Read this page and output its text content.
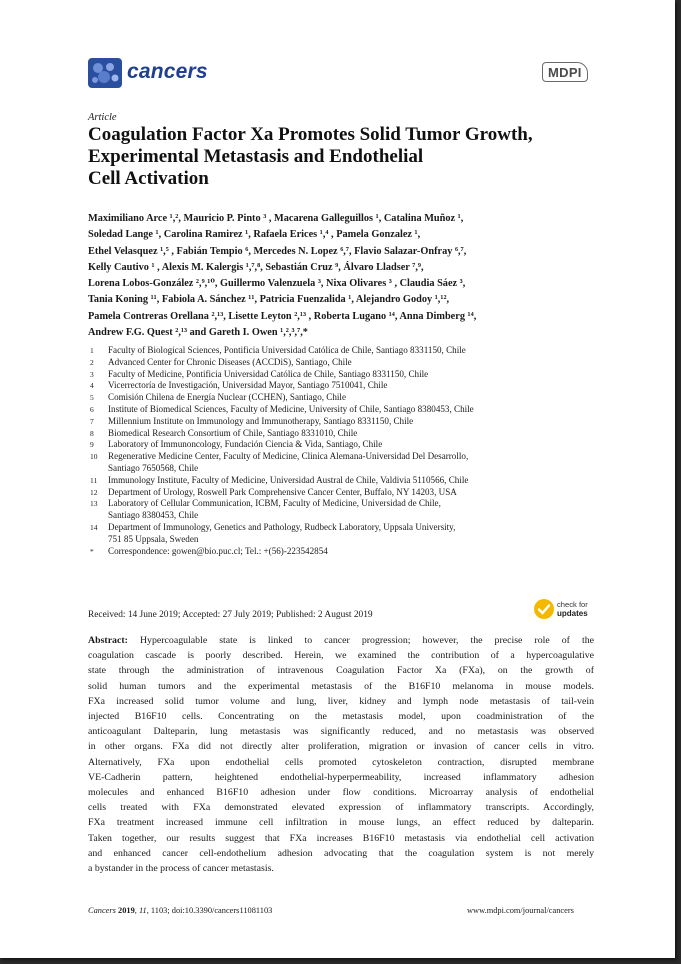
cancers	MDPI
Article
Coagulation Factor Xa Promotes Solid Tumor Growth,
Experimental Metastasis and Endothelial
Cell Activation
Maximiliano Arce ¹,², Mauricio P. Pinto ³ , Macarena Galleguillos ¹, Catalina Muñoz ¹,
Soledad Lange ¹, Carolina Ramirez ¹, Rafaela Erices ¹,⁴ , Pamela Gonzalez ¹,
Ethel Velasquez ¹,⁵ , Fabián Tempio ⁶, Mercedes N. Lopez ⁶,⁷, Flavio Salazar-Onfray ⁶,⁷,
Kelly Cautivo ¹ , Alexis M. Kalergis ¹,⁷,⁸, Sebastián Cruz ⁹, Álvaro Lladser ⁷,⁹,
Lorena Lobos-González ²,⁹,¹⁰, Guillermo Valenzuela ³, Nixa Olivares ³ , Claudia Sáez ³,
Tania Koning ¹¹, Fabiola A. Sánchez ¹¹, Patricia Fuenzalida ¹, Alejandro Godoy ¹,¹²,
Pamela Contreras Orellana ²,¹³, Lisette Leyton ²,¹³ , Roberta Lugano ¹⁴, Anna Dimberg ¹⁴,
Andrew F.G. Quest ²,¹³ and Gareth I. Owen ¹,²,³,⁷,*
1	Faculty of Biological Sciences, Pontificia Universidad Católica de Chile, Santiago 8331150, Chile
2	Advanced Center for Chronic Diseases (ACCDiS), Santiago, Chile
3	Faculty of Medicine, Pontificia Universidad Católica de Chile, Santiago 8331150, Chile
4	Vicerrectoría de Investigación, Universidad Mayor, Santiago 7510041, Chile
5	Comisión Chilena de Energía Nuclear (CCHEN), Santiago, Chile
6	Institute of Biomedical Sciences, Faculty of Medicine, University of Chile, Santiago 8380453, Chile
7	Millennium Institute on Immunology and Immunotherapy, Santiago 8331150, Chile
8	Biomedical Research Consortium of Chile, Santiago 8331010, Chile
9	Laboratory of Immunoncology, Fundación Ciencia & Vida, Santiago, Chile
10	Regenerative Medicine Center, Faculty of Medicine, Clinica Alemana-Universidad Del Desarrollo,
Santiago 7650568, Chile
11	Immunology Institute, Faculty of Medicine, Universidad Austral de Chile, Valdivia 5110566, Chile
12	Department of Urology, Roswell Park Comprehensive Cancer Center, Buffalo, NY 14203, USA
13	Laboratory of Cellular Communication, ICBM, Faculty of Medicine, Universidad de Chile,
Santiago 8380453, Chile
14	Department of Immunology, Genetics and Pathology, Rudbeck Laboratory, Uppsala University,
751 85 Uppsala, Sweden
*	Correspondence: gowen@bio.puc.cl; Tel.: +(56)-223542854
Received: 14 June 2019; Accepted: 27 July 2019; Published: 2 August 2019
check for
updates
Abstract: Hypercoagulable state is linked to cancer progression; however, the precise role of the
coagulation cascade is poorly described. Herein, we examined the contribution of a hypercoagulative
state through the administration of intravenous Coagulation Factor Xa (FXa), on the growth of
solid human tumors and the experimental metastasis of the B16F10 melanoma in mouse models.
FXa increased solid tumor volume and lung, liver, kidney and lymph node metastasis of tail-vein
injected B16F10 cells. Concentrating on the metastasis model, upon coadministration of the
anticoagulant Dalteparin, lung metastasis was significantly reduced, and no metastasis was observed
in other organs. FXa did not directly alter proliferation, migration or invasion of cancer cells in vitro.
Alternatively, FXa upon endothelial cells promoted cytoskeleton contraction, disrupted membrane
VE-Cadherin pattern, heightened endothelial-hyperpermeability, increased inflammatory adhesion
molecules and enhanced B16F10 adhesion under flow conditions. Microarray analysis of endothelial
cells treated with FXa demonstrated elevated expression of inflammatory transcripts. Accordingly,
FXa treatment increased immune cell infiltration in mouse lungs, an effect reduced by dalteparin.
Taken together, our results suggest that FXa increases B16F10 metastasis via endothelial cell activation
and enhanced cancer cell-endothelium adhesion advocating that the coagulation system is not merely
a bystander in the process of cancer metastasis.
Cancers 2019, 11, 1103; doi:10.3390/cancers11081103	www.mdpi.com/journal/cancers
